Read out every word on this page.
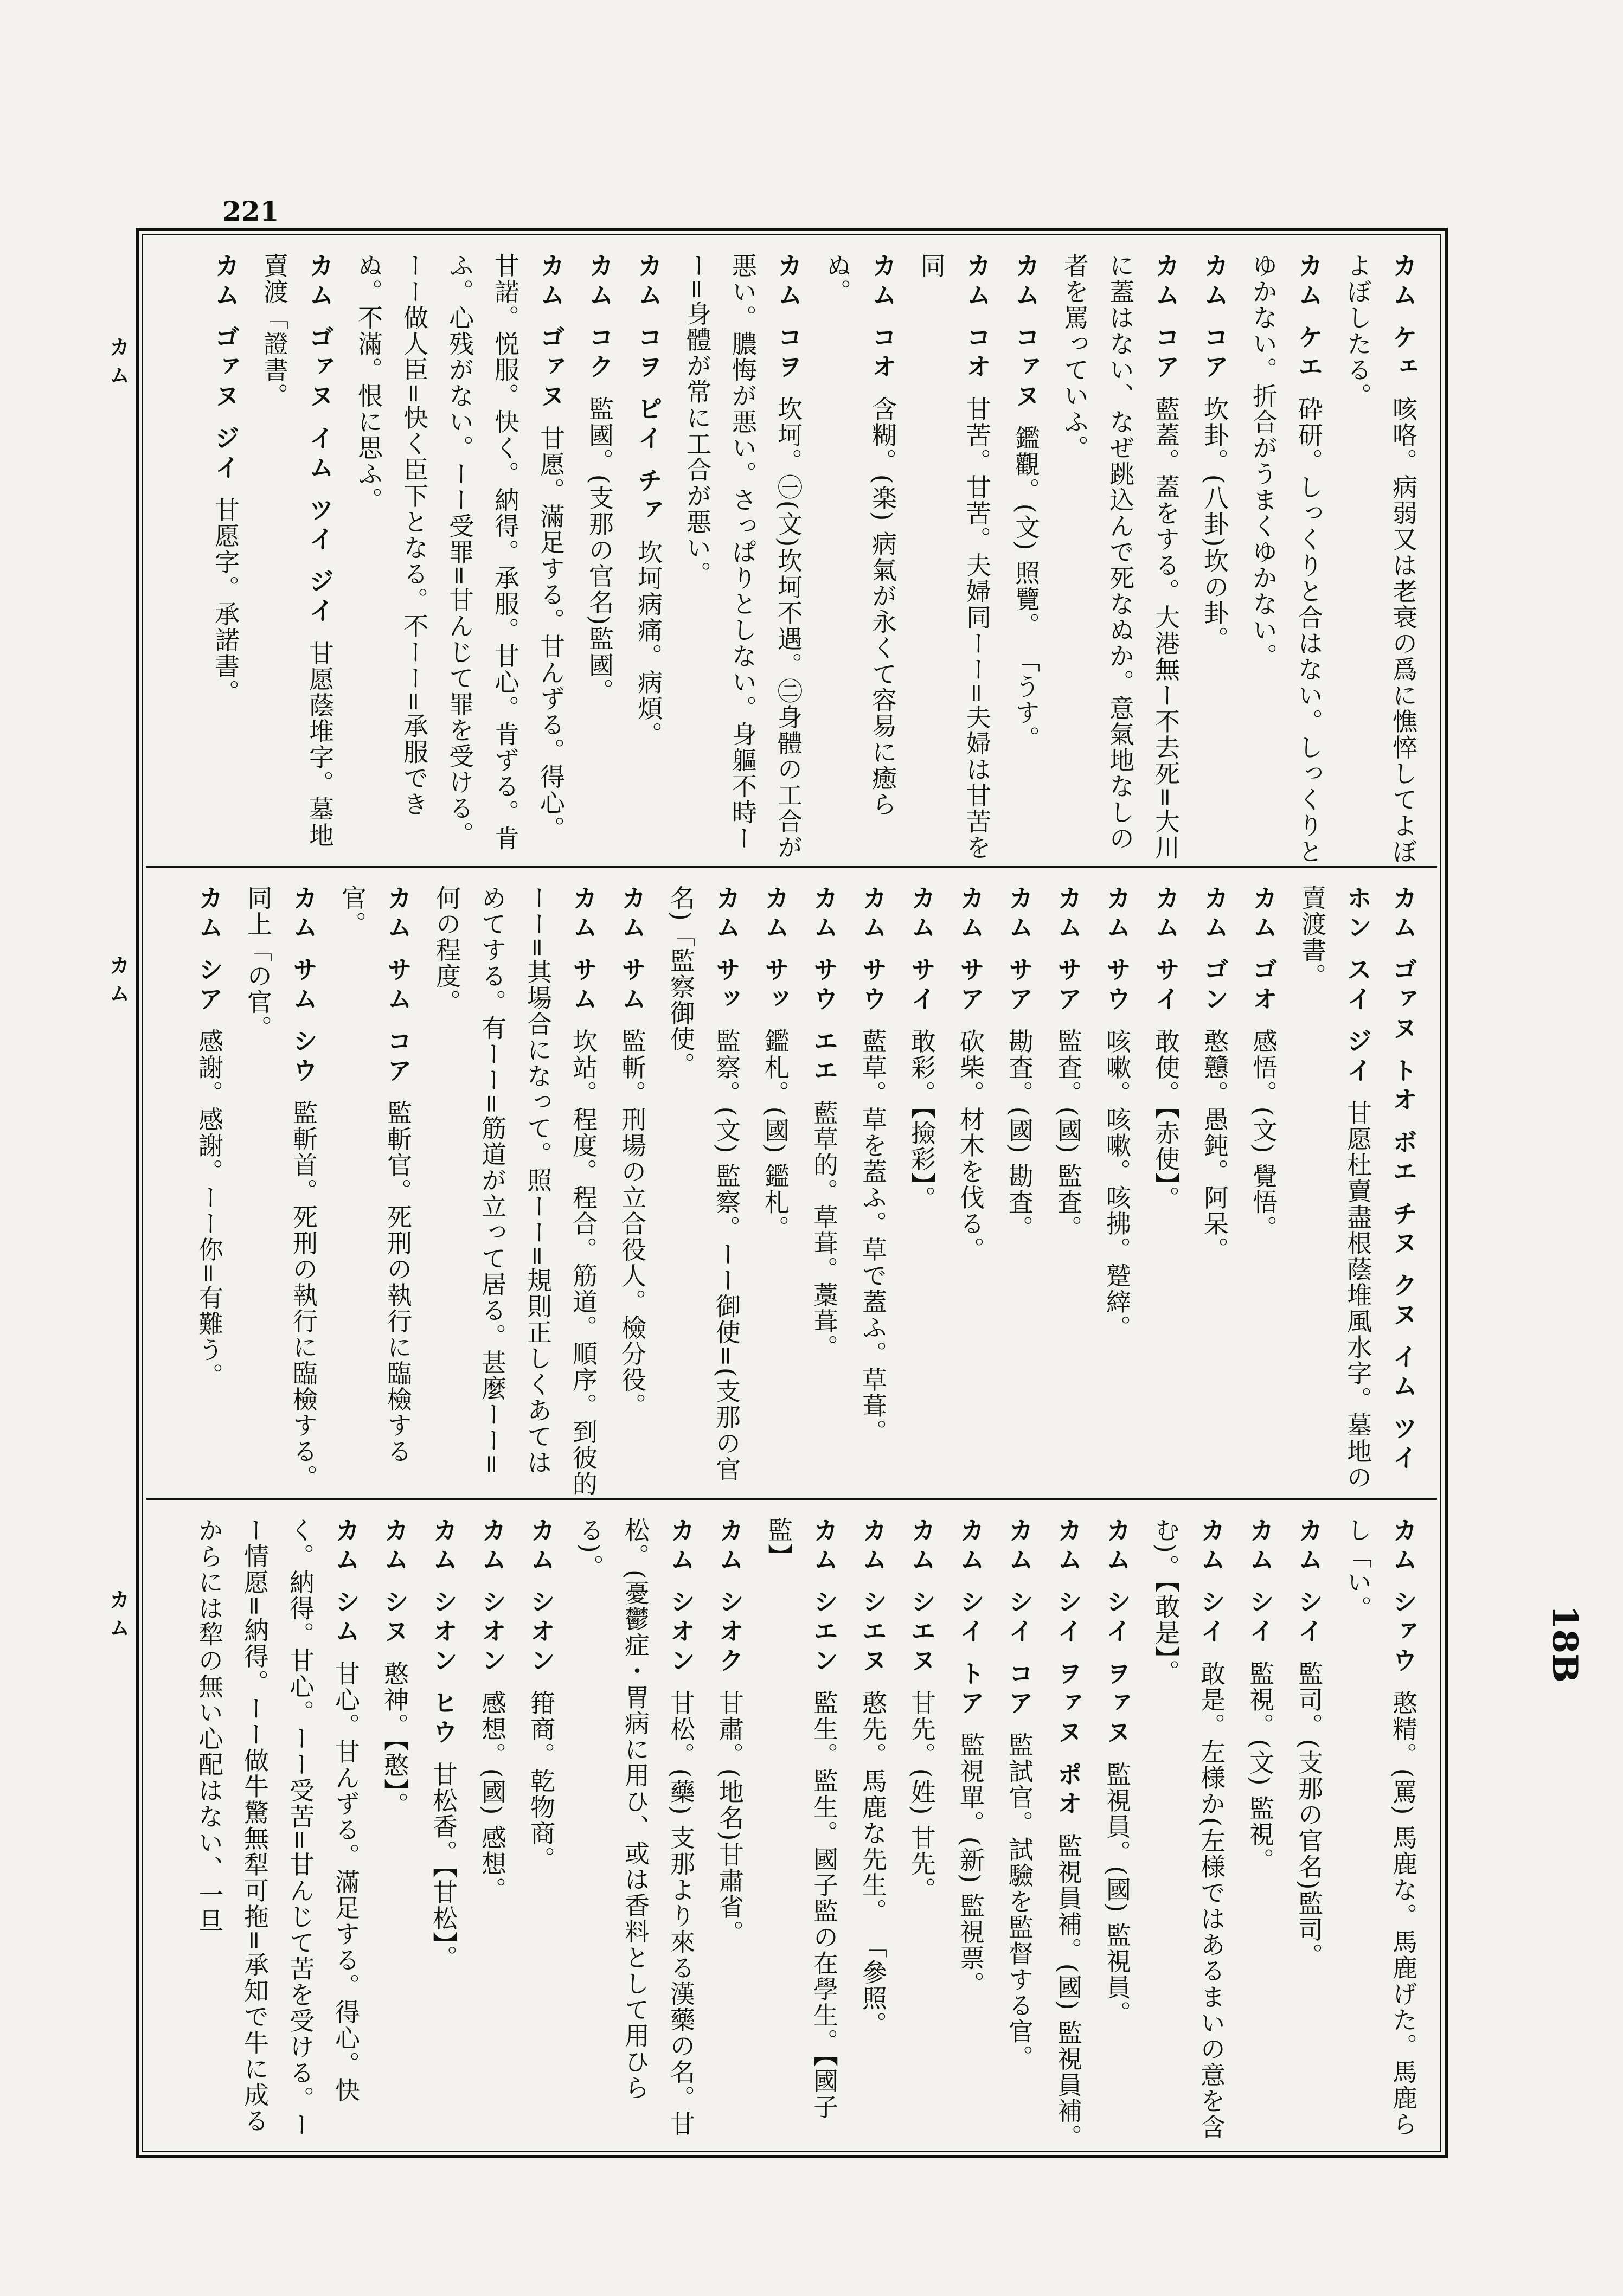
221
18B
カム
カム
カム
カム ケェ 咳咯。病弱又は老衰の爲に憔悴してよぼよぼしたる。
カム ケエ 砕研。しっくりと合はない。しっくりとゆかない。折合がうまくゆかない。
カム コア 坎卦。(八卦)坎の卦。
カム コア 藍蓋。蓋をする。大港無ー不去死=大川に蓋はない、なぜ跳込んで死なぬか。意氣地なしの者を罵っていふ。
カム コァヌ 鑑觀。(文) 照覽。 「うす。
カム コオ 甘苦。甘苦。夫婦同ーー=夫婦は甘苦を同
カム コオ 含糊。(楽) 病氣が永くて容易に癒らぬ。
カム コヲ 坎坷。㊀(文)坎坷不遇。㊁身體の工合が悪い。膿悔が悪い。さっぱりとしない。身軀不時ーー=身體が常に工合が悪い。
カム コヲ ピイ チァ 坎坷病痛。病煩。
カム コク 監國。(支那の官名)監國。
カム ゴァヌ 甘愿。滿足する。甘んずる。得心。甘諾。悦服。快く。納得。承服。甘心。肯ずる。肯ふ。心残がない。ーー受罪=甘んじて罪を受ける。ーー做人臣=快く臣下となる。不ーー=承服できぬ。不滿。恨に思ふ。
カム ゴァヌ イム ツイ ジイ 甘愿蔭堆字。墓地賣渡「證書。
カム ゴァヌ ジイ 甘愿字。承諾書。
カム ゴァヌ トオ ボエ チヌ クヌ イム ツイ ホン スイ ジイ 甘愿杜賣盡根蔭堆風水字。墓地の賣渡書。
カム ゴオ 感悟。(文) 覺悟。
カム ゴン 憨戇。愚鈍。阿呆。
カム サイ 敢使。【赤使】。
カム サウ 咳嗽。咳嗽。咳拂。蹵縡。
カム サア 監査。(國) 監査。
カム サア 勘査。(國) 勘査。
カム サア 砍柴。材木を伐る。
カム サイ 敢彩。【撿彩】。
カム サウ 藍草。草を蓋ふ。草で蓋ふ。草葺。
カム サウ エエ 藍草的。草葺。藁葺。
カム サッ 鑑札。(國) 鑑札。
カム サッ 監察。(文) 監察。ーー御使=(支那の官名)「監察御使。
カム サム 監斬。刑場の立合役人。檢分役。
カム サム 坎站。程度。程合。筋道。順序。到彼的ーー=其場合になって。照ーー=規則正しくあてはめてする。有ーー=筋道が立って居る。甚麼ーー=何の程度。
カム サム コア 監斬官。死刑の執行に臨檢する官。
カム サム シウ 監斬首。死刑の執行に臨檢する。同上「の官。
カム シア 感謝。感謝。ーー你=有難う。
カム シァウ 憨精。(罵) 馬鹿な。馬鹿げた。馬鹿らし「い。
カム シイ 監司。(支那の官名)監司。
カム シイ 監視。(文) 監視。
カム シイ 敢是。左様か(左様ではあるまいの意を含む)。【敢是】。
カム シイ ヲァヌ 監視員。(國) 監視員。
カム シイ ヲァヌ ポオ 監視員補。(國) 監視員補。
カム シイ コア 監試官。試驗を監督する官。
カム シイ トア 監視單。(新) 監視票。
カム シエヌ 甘先。(姓) 甘先。
カム シエヌ 憨先。馬鹿な先生。 「參照。
カム シエン 監生。監生。國子監の在學生。【國子監】
カム シオク 甘肅。(地名)甘肅省。
カム シオン 甘松。(藥) 支那より來る漢藥の名。甘松。(憂鬱症・胃病に用ひ、或は香料として用ひらる)。
カム シオン 箝商。乾物商。
カム シオン 感想。(國) 感想。
カム シオン ヒウ 甘松香。【甘松】。
カム シヌ 憨神。【憨】。
カム シム 甘心。甘んずる。滿足する。得心。快く。納得。甘心。ーー受苦=甘んじて苦を受ける。ーー情愿=納得。ーー做牛驚無犁可拖=承知で牛に成るからには犂の無い心配はない、一旦
